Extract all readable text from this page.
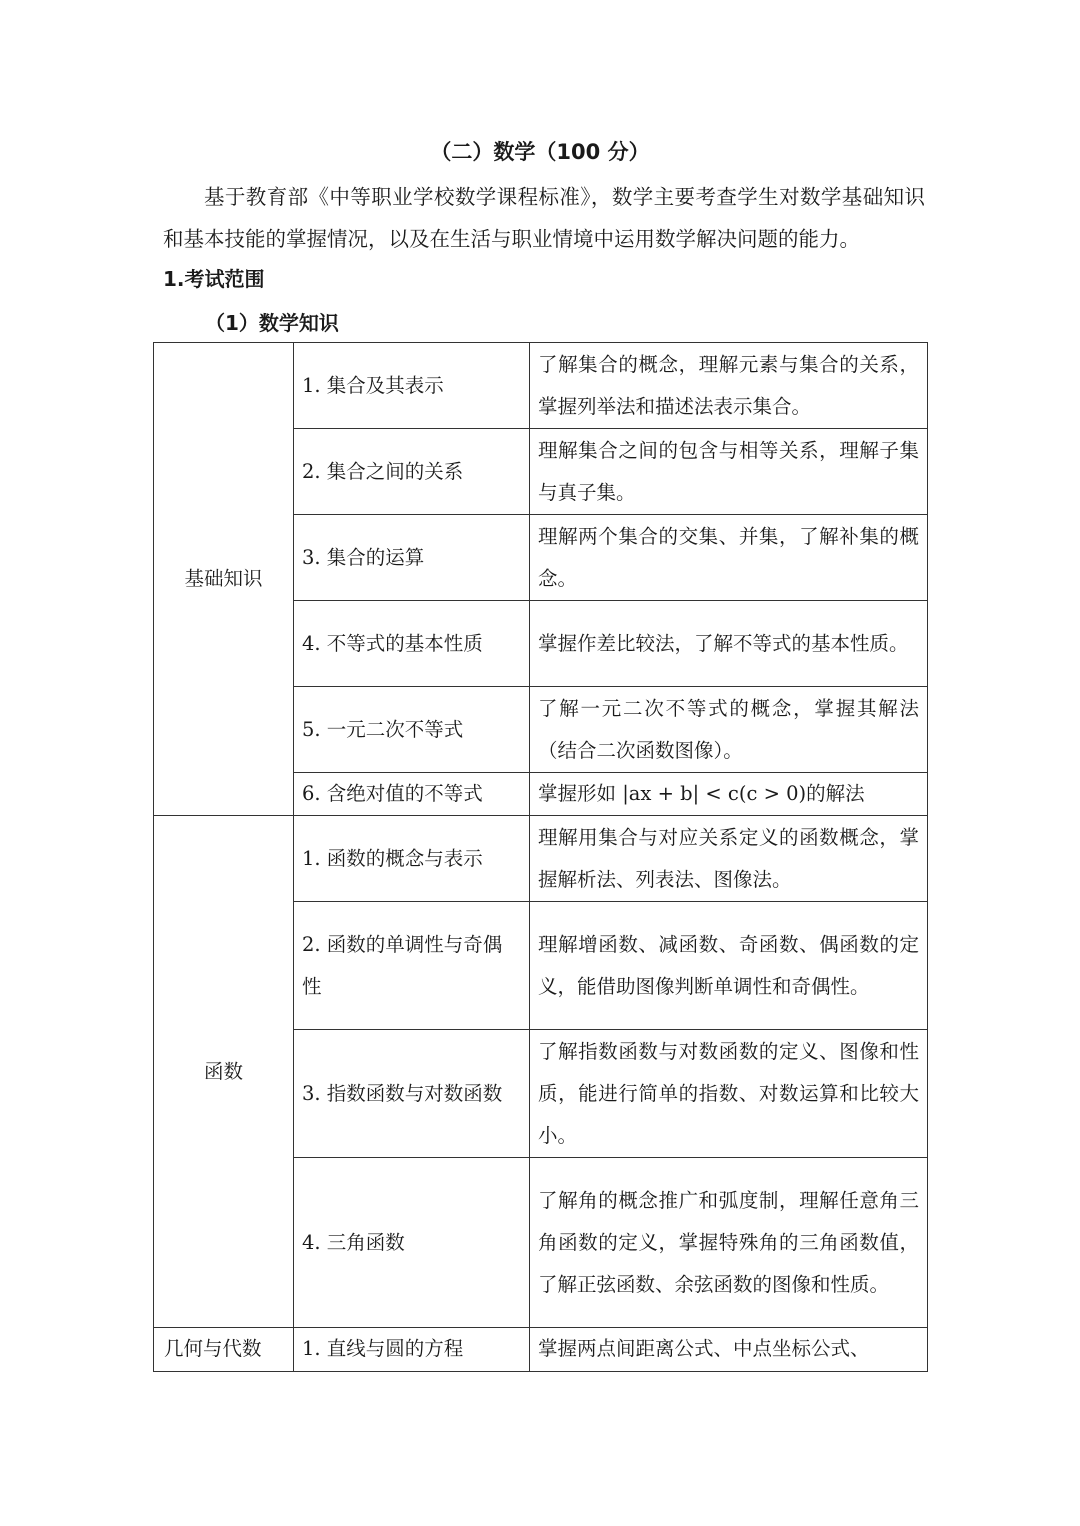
（二）数学（100 分）
基于教育部《中等职业学校数学课程标准》，数学主要考查学生对数学基础知识和基本技能的掌握情况，以及在生活与职业情境中运用数学解决问题的能力。
1.考试范围
（1）数学知识
基础知识	1. 集合及其表示	了解集合的概念，理解元素与集合的关系，掌握列举法和描述法表示集合。
	2. 集合之间的关系	理解集合之间的包含与相等关系，理解子集与真子集。
	3. 集合的运算	理解两个集合的交集、并集，了解补集的概念。
	4. 不等式的基本性质	掌握作差比较法，了解不等式的基本性质。
	5. 一元二次不等式	了解一元二次不等式的概念，掌握其解法（结合二次函数图像）。
	6. 含绝对值的不等式	掌握形如 |ax + b| < c(c > 0)的解法
函数	1. 函数的概念与表示	理解用集合与对应关系定义的函数概念，掌握解析法、列表法、图像法。
	2. 函数的单调性与奇偶性	理解增函数、减函数、奇函数、偶函数的定义，能借助图像判断单调性和奇偶性。
	3. 指数函数与对数函数	了解指数函数与对数函数的定义、图像和性质，能进行简单的指数、对数运算和比较大小。
	4. 三角函数	了解角的概念推广和弧度制，理解任意角三角函数的定义，掌握特殊角的三角函数值，了解正弦函数、余弦函数的图像和性质。
几何与代数	1. 直线与圆的方程	掌握两点间距离公式、中点坐标公式、
